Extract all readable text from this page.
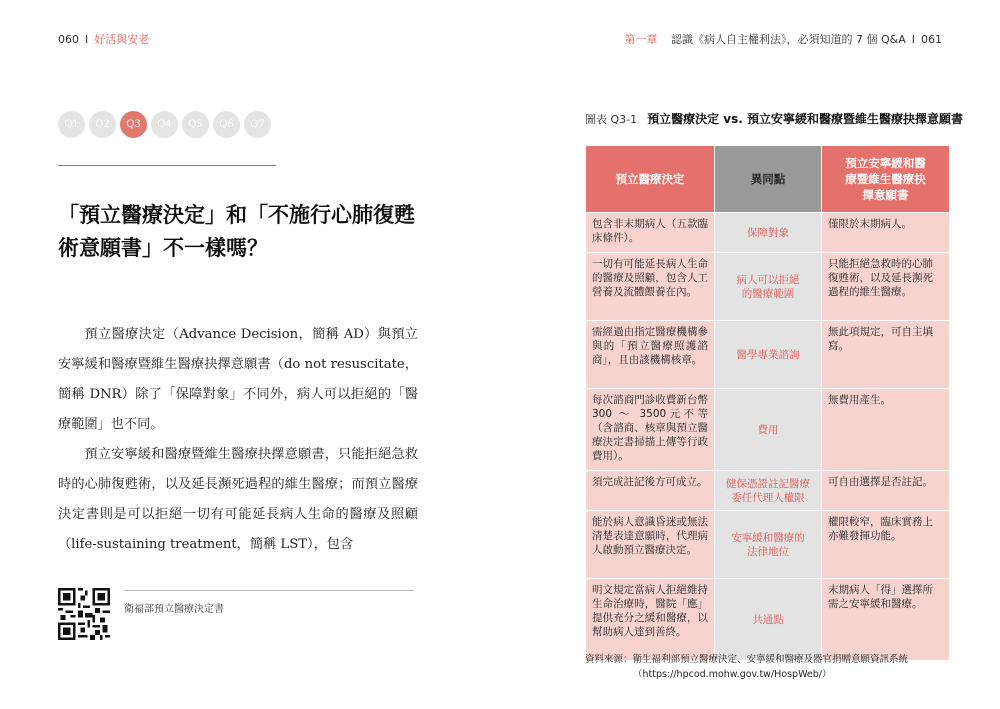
060 I 好活與安老	第一章 認識《病人自主權利法》，必須知道的 7 個 Q&A I 061
Q1	Q2	Q3	Q4	Q5	Q6	Q7
「預立醫療決定」和「不施行心肺復甦
術意願書」不一樣嗎？

預立醫療決定（Advance Decision，簡稱 AD）與預立安寧緩和醫療暨維生醫療抉擇意願書（do not resuscitate，簡稱 DNR）除了「保障對象」不同外，病人可以拒絕的「醫療範圍」也不同。

預立安寧緩和醫療暨維生醫療抉擇意願書，只能拒絕急救時的心肺復甦術，以及延長瀕死過程的維生醫療；而預立醫療決定書則是可以拒絕一切有可能延長病人生命的醫療及照顧（life-sustaining treatment，簡稱 LST），包含

衛福部預立醫療決定書
圖表 Q3-1 預立醫療決定 vs. 預立安寧緩和醫療暨維生醫療抉擇意願書
預立醫療決定	異同點	預立安寧緩和醫療暨維生醫療抉擇意願書

包含非末期病人（五款臨床條件）。	保障對象	僅限於末期病人。
一切有可能延長病人生命的醫療及照顧，包含人工營養及流體餵養在內。	病人可以拒絕的醫療範圍	只能拒絕急救時的心肺復甦術，以及延長瀕死過程的維生醫療。
需經過由指定醫療機構參與的「預立醫療照護諮商」，且由該機構核章。	醫學專業諮詢	無此項規定，可自主填寫。
每次諮商門診收費新台幣300 ～ 3500元不等（含諮商、核章與預立醫療決定書掃描上傳等行政費用）。	費用	無費用產生。
須完成註記後方可成立。	健保憑證註記醫療委任代理人權限	可自由選擇是否註記。
能於病人意識昏迷或無法清楚表達意願時，代理病人啟動預立醫療決定。	安寧緩和醫療的法律地位	權限較窄，臨床實務上亦難發揮功能。
明文規定當病人拒絕維持生命治療時，醫院「應」提供充分之緩和醫療，以幫助病人達到善終。	共通點	末期病人「得」選擇所需之安寧緩和醫療。
資料來源：衛生福利部預立醫療決定、安寧緩和醫療及器官捐贈意願資訊系統
（https://hpcod.mohw.gov.tw/HospWeb/）
